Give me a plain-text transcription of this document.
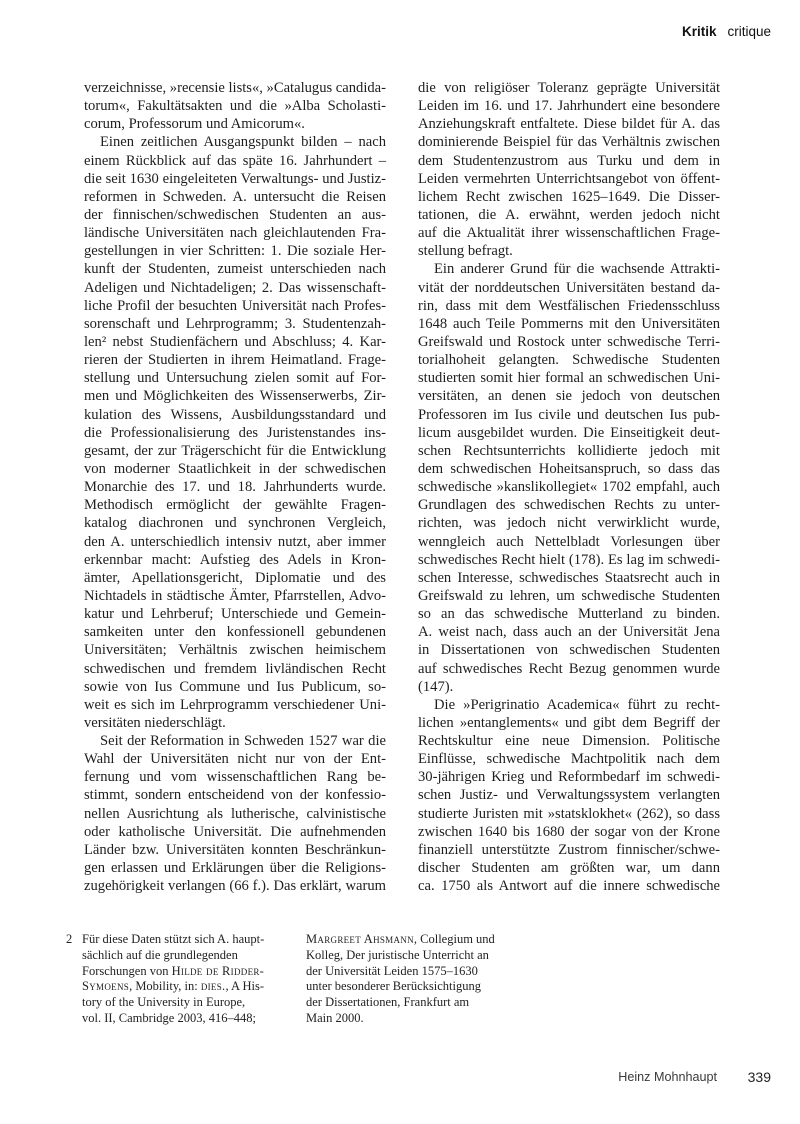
Kritik critique
verzeichnisse, »recensie lists«, »Catalugus candida-
torum«, Fakultätsakten und die »Alba Scholasti-
corum, Professorum und Amicorum«.
Einen zeitlichen Ausgangspunkt bilden – nach
einem Rückblick auf das späte 16. Jahrhundert –
die seit 1630 eingeleiteten Verwaltungs- und Justiz-
reformen in Schweden. A. untersucht die Reisen
der finnischen/schwedischen Studenten an aus-
ländische Universitäten nach gleichlautenden Fra-
gestellungen in vier Schritten: 1. Die soziale Her-
kunft der Studenten, zumeist unterschieden nach
Adeligen und Nichtadeligen; 2. Das wissenschaft-
liche Profil der besuchten Universität nach Profes-
sorenschaft und Lehrprogramm; 3. Studentenzah-
len² nebst Studienfächern und Abschluss; 4. Kar-
rieren der Studierten in ihrem Heimatland. Frage-
stellung und Untersuchung zielen somit auf For-
men und Möglichkeiten des Wissenserwerbs, Zir-
kulation des Wissens, Ausbildungsstandard und
die Professionalisierung des Juristenstandes ins-
gesamt, der zur Trägerschicht für die Entwicklung
von moderner Staatlichkeit in der schwedischen
Monarchie des 17. und 18. Jahrhunderts wurde.
Methodisch ermöglicht der gewählte Fragen-
katalog diachronen und synchronen Vergleich,
den A. unterschiedlich intensiv nutzt, aber immer
erkennbar macht: Aufstieg des Adels in Kron-
ämter, Apellationsgericht, Diplomatie und des
Nichtadels in städtische Ämter, Pfarrstellen, Advo-
katur und Lehrberuf; Unterschiede und Gemein-
samkeiten unter den konfessionell gebundenen
Universitäten; Verhältnis zwischen heimischem
schwedischen und fremdem livländischen Recht
sowie von Ius Commune und Ius Publicum, so-
weit es sich im Lehrprogramm verschiedener Uni-
versitäten niederschlägt.
Seit der Reformation in Schweden 1527 war die
Wahl der Universitäten nicht nur von der Ent-
fernung und vom wissenschaftlichen Rang be-
stimmt, sondern entscheidend von der konfessio-
nellen Ausrichtung als lutherische, calvinistische
oder katholische Universität. Die aufnehmenden
Länder bzw. Universitäten konnten Beschränkun-
gen erlassen und Erklärungen über die Religions-
zugehörigkeit verlangen (66 f.). Das erklärt, warum
die von religiöser Toleranz geprägte Universität
Leiden im 16. und 17. Jahrhundert eine besondere
Anziehungskraft entfaltete. Diese bildet für A. das
dominierende Beispiel für das Verhältnis zwischen
dem Studentenzustrom aus Turku und dem in
Leiden vermehrten Unterrichtsangebot von öffent-
lichem Recht zwischen 1625–1649. Die Disser-
tationen, die A. erwähnt, werden jedoch nicht
auf die Aktualität ihrer wissenschaftlichen Frage-
stellung befragt.
Ein anderer Grund für die wachsende Attrakti-
vität der norddeutschen Universitäten bestand da-
rin, dass mit dem Westfälischen Friedensschluss
1648 auch Teile Pommerns mit den Universitäten
Greifswald und Rostock unter schwedische Terri-
torialhoheit gelangten. Schwedische Studenten
studierten somit hier formal an schwedischen Uni-
versitäten, an denen sie jedoch von deutschen
Professoren im Ius civile und deutschen Ius pub-
licum ausgebildet wurden. Die Einseitigkeit deut-
schen Rechtsunterrichts kollidierte jedoch mit
dem schwedischen Hoheitsanspruch, so dass das
schwedische »kanslikollegiet« 1702 empfahl, auch
Grundlagen des schwedischen Rechts zu unter-
richten, was jedoch nicht verwirklicht wurde,
wenngleich auch Nettelbladt Vorlesungen über
schwedisches Recht hielt (178). Es lag im schwedi-
schen Interesse, schwedisches Staatsrecht auch in
Greifswald zu lehren, um schwedische Studenten
so an das schwedische Mutterland zu binden.
A. weist nach, dass auch an der Universität Jena
in Dissertationen von schwedischen Studenten
auf schwedisches Recht Bezug genommen wurde
(147).
Die »Perigrinatio Academica« führt zu recht-
lichen »entanglements« und gibt dem Begriff der
Rechtskultur eine neue Dimension. Politische
Einflüsse, schwedische Machtpolitik nach dem
30-jährigen Krieg und Reformbedarf im schwedi-
schen Justiz- und Verwaltungssystem verlangten
studierte Juristen mit »statsklokhet« (262), so dass
zwischen 1640 bis 1680 der sogar von der Krone
finanziell unterstützte Zustrom finnischer/schwe-
discher Studenten am größten war, um dann
ca. 1750 als Antwort auf die innere schwedische
2 Für diese Daten stützt sich A. haupt-
sächlich auf die grundlegenden
Forschungen von Hilde de Ridder-
Symoens, Mobility, in: dies., A His-
tory of the University in Europe,
vol. II, Cambridge 2003, 416–448;
Margreet Ahsmann, Collegium und
Kolleg, Der juristische Unterricht an
der Universität Leiden 1575–1630
unter besonderer Berücksichtigung
der Dissertationen, Frankfurt am
Main 2000.
Heinz Mohnhaupt 339
